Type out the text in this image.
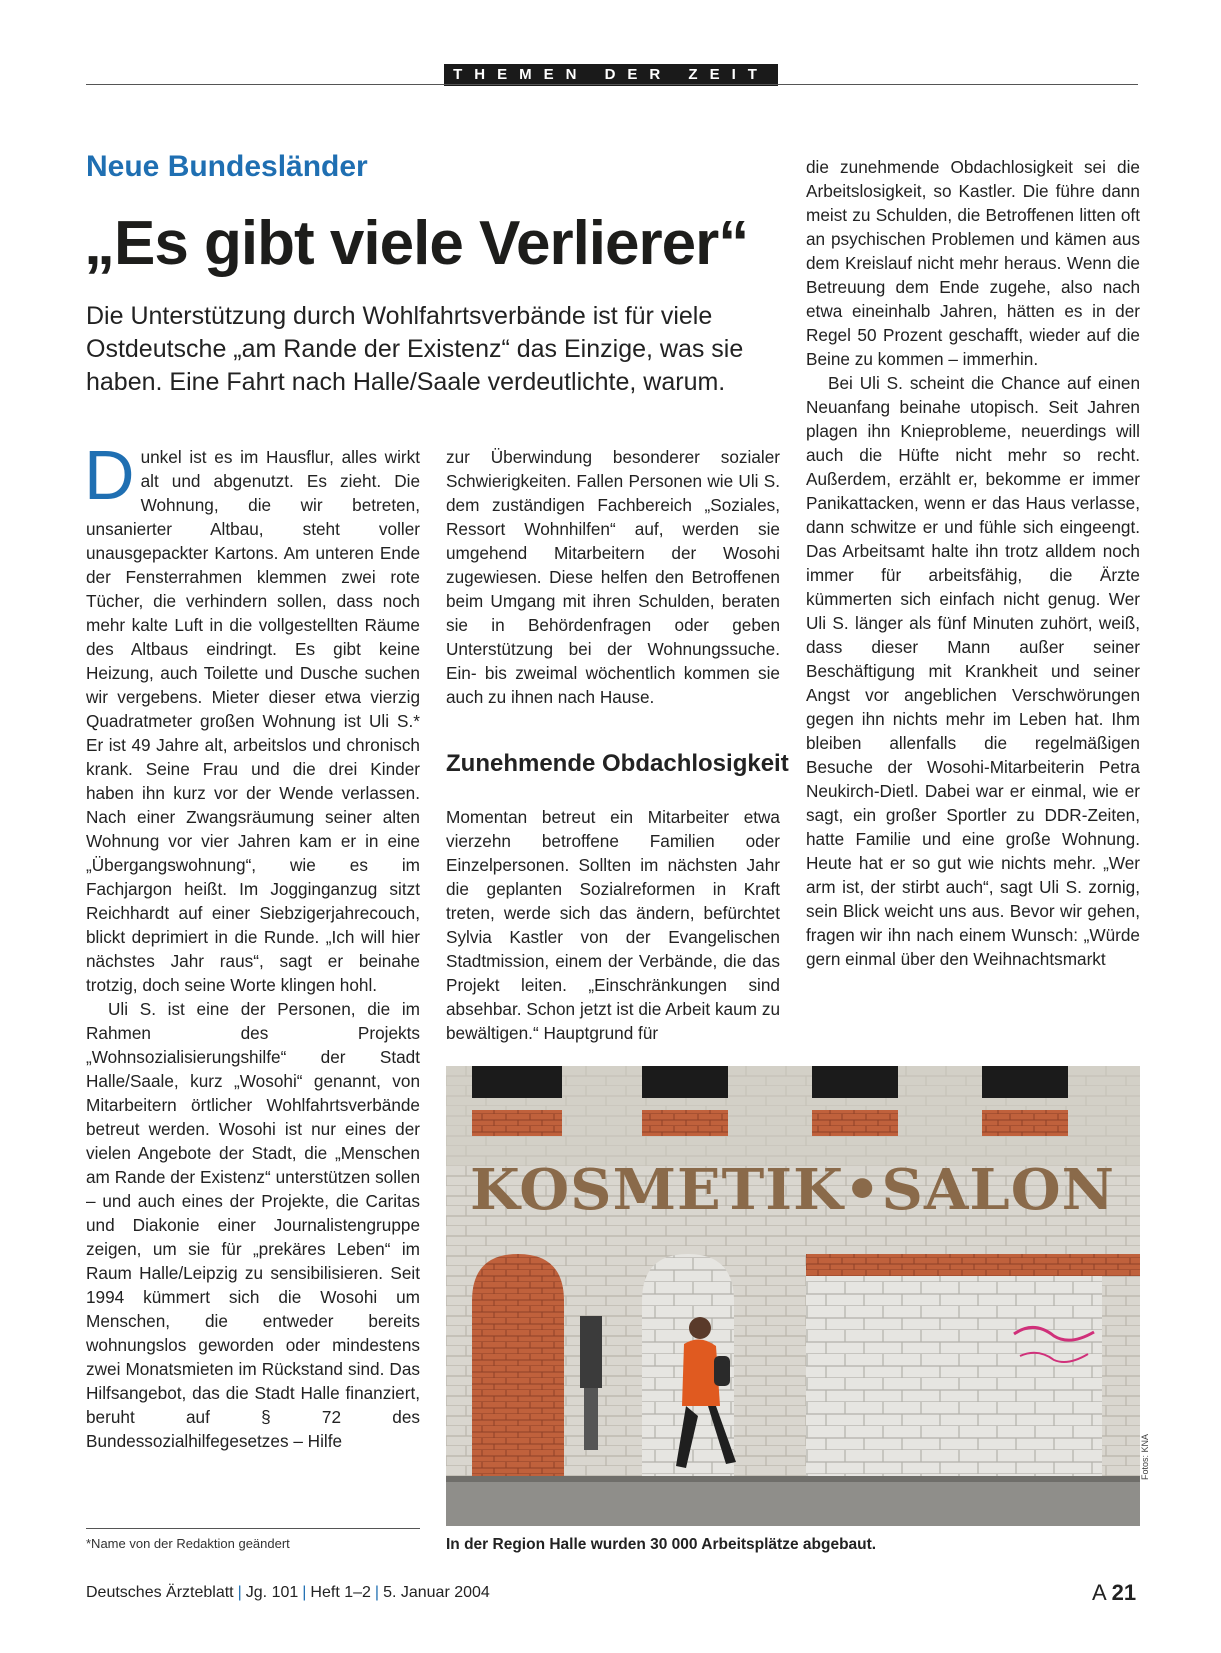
THEMEN DER ZEIT
Neue Bundesländer
„Es gibt viele Verlierer“
Die Unterstützung durch Wohlfahrtsverbände ist für viele Ostdeutsche „am Rande der Existenz“ das Einzige, was sie haben. Eine Fahrt nach Halle/Saale verdeutlichte, warum.

Dunkel ist es im Hausflur, alles wirkt alt und abgenutzt. Es zieht. Die Wohnung, die wir betreten, unsanierter Altbau, steht voller unausgepackter Kartons. Am unteren Ende der Fensterrahmen klemmen zwei rote Tücher, die verhindern sollen, dass noch mehr kalte Luft in die vollgestellten Räume des Altbaus eindringt. Es gibt keine Heizung, auch Toilette und Dusche suchen wir vergebens. Mieter dieser etwa vierzig Quadratmeter großen Wohnung ist Uli S.* Er ist 49 Jahre alt, arbeitslos und chronisch krank. Seine Frau und die drei Kinder haben ihn kurz vor der Wende verlassen. Nach einer Zwangsräumung seiner alten Wohnung vor vier Jahren kam er in eine „Übergangswohnung“, wie es im Fachjargon heißt. Im Jogginganzug sitzt Reichhardt auf einer Siebzigerjahrecouch, blickt deprimiert in die Runde. „Ich will hier nächstes Jahr raus“, sagt er beinahe trotzig, doch seine Worte klingen hohl.

Uli S. ist eine der Personen, die im Rahmen des Projekts „Wohnsozialisierungshilfe“ der Stadt Halle/Saale, kurz „Wosohi“ genannt, von Mitarbeitern örtlicher Wohlfahrtsverbände betreut werden. Wosohi ist nur eines der vielen Angebote der Stadt, die „Menschen am Rande der Existenz“ unterstützen sollen – und auch eines der Projekte, die Caritas und Diakonie einer Journalistengruppe zeigen, um sie für „prekäres Leben“ im Raum Halle/Leipzig zu sensibilisieren. Seit 1994 kümmert sich die Wosohi um Menschen, die entweder bereits wohnungslos geworden oder mindestens zwei Monatsmieten im Rückstand sind. Das Hilfsangebot, das die Stadt Halle finanziert, beruht auf § 72 des Bundessozialhilfegesetzes – Hilfe

zur Überwindung besonderer sozialer Schwierigkeiten. Fallen Personen wie Uli S. dem zuständigen Fachbereich „Soziales, Ressort Wohnhilfen“ auf, werden sie umgehend Mitarbeitern der Wosohi zugewiesen. Diese helfen den Betroffenen beim Umgang mit ihren Schulden, beraten sie in Behördenfragen oder geben Unterstützung bei der Wohnungssuche. Ein- bis zweimal wöchentlich kommen sie auch zu ihnen nach Hause.

Zunehmende Obdachlosigkeit

Momentan betreut ein Mitarbeiter etwa vierzehn betroffene Familien oder Einzelpersonen. Sollten im nächsten Jahr die geplanten Sozialreformen in Kraft treten, werde sich das ändern, befürchtet Sylvia Kastler von der Evangelischen Stadtmission, einem der Verbände, die das Projekt leiten. „Einschränkungen sind absehbar. Schon jetzt ist die Arbeit kaum zu bewältigen.“ Hauptgrund für

die zunehmende Obdachlosigkeit sei die Arbeitslosigkeit, so Kastler. Die führe dann meist zu Schulden, die Betroffenen litten oft an psychischen Problemen und kämen aus dem Kreislauf nicht mehr heraus. Wenn die Betreuung dem Ende zugehe, also nach etwa eineinhalb Jahren, hätten es in der Regel 50 Prozent geschafft, wieder auf die Beine zu kommen – immerhin.

Bei Uli S. scheint die Chance auf einen Neuanfang beinahe utopisch. Seit Jahren plagen ihn Knieprobleme, neuerdings will auch die Hüfte nicht mehr so recht. Außerdem, erzählt er, bekomme er immer Panikattacken, wenn er das Haus verlasse, dann schwitze er und fühle sich eingeengt. Das Arbeitsamt halte ihn trotz alldem noch immer für arbeitsfähig, die Ärzte kümmerten sich einfach nicht genug. Wer Uli S. länger als fünf Minuten zuhört, weiß, dass dieser Mann außer seiner Beschäftigung mit Krankheit und seiner Angst vor angeblichen Verschwörungen gegen ihn nichts mehr im Leben hat. Ihm bleiben allenfalls die regelmäßigen Besuche der Wosohi-Mitarbeiterin Petra Neukirch-Dietl. Dabei war er einmal, wie er sagt, ein großer Sportler zu DDR-Zeiten, hatte Familie und eine große Wohnung. Heute hat er so gut wie nichts mehr. „Wer arm ist, der stirbt auch“, sagt Uli S. zornig, sein Blick weicht uns aus. Bevor wir gehen, fragen wir ihn nach einem Wunsch: „Würde gern einmal über den Weihnachtsmarkt

KOSMETIK•SALON
Fotos: KNA
In der Region Halle wurden 30 000 Arbeitsplätze abgebaut.
*Name von der Redaktion geändert
Deutsches Ärzteblatt | Jg. 101 | Heft 1–2 | 5. Januar 2004	A 21
